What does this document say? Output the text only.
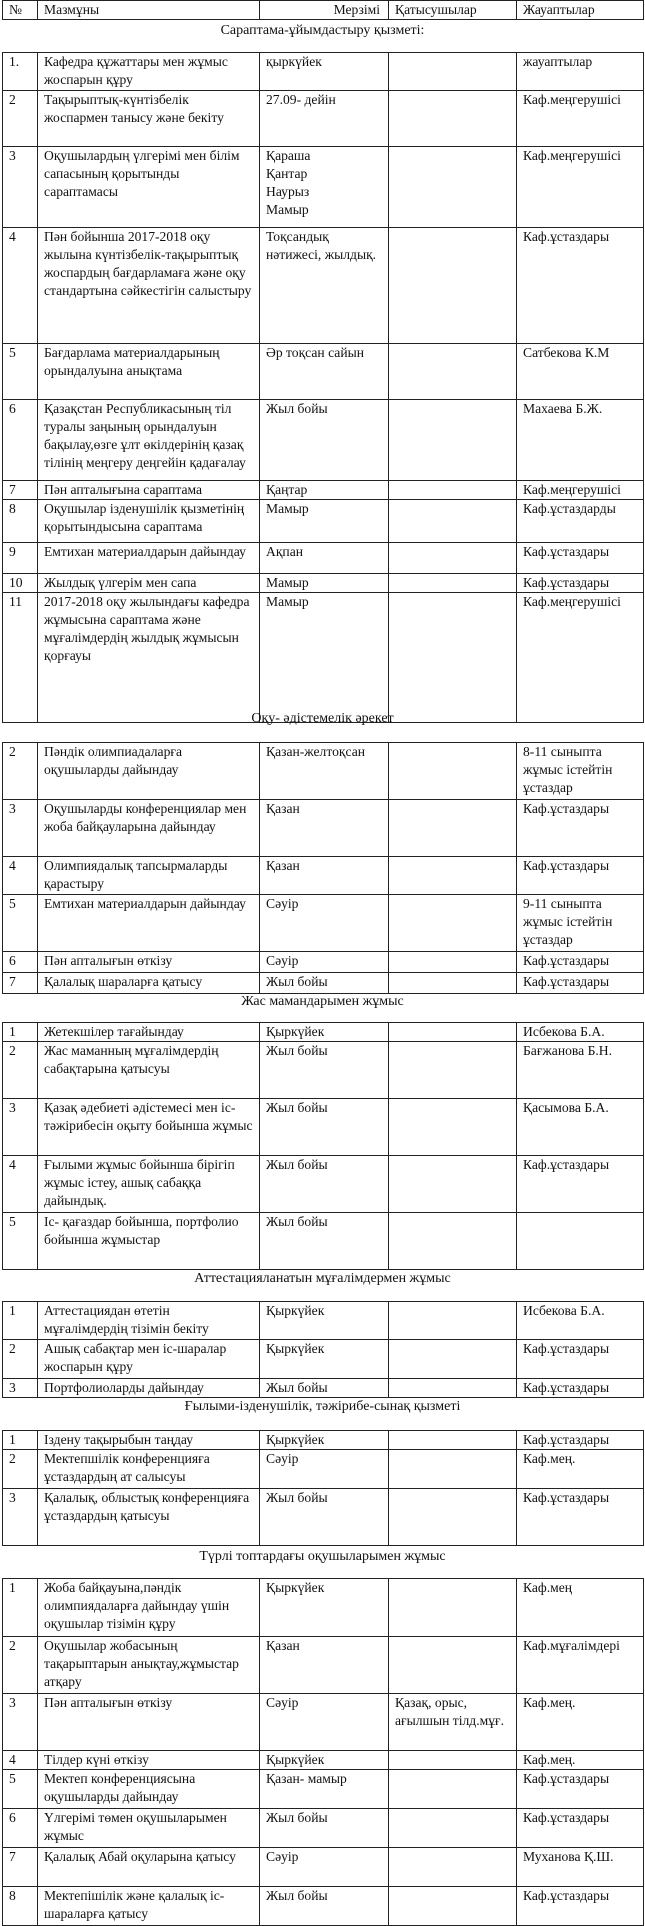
№	Мазмұны	Мерзімі	Қатысушылар	Жауаптылар
Сараптама-ұйымдастыру қызметі:
1.	Кафедра құжаттары мен жұмыс жоспарын құру	қыркүйек		жауаптылар
2	Тақырыптық-күнтізбелік жоспармен танысу және бекіту	27.09- дейін		Каф.меңгерушісі
3	Оқушылардың үлгерімі мен білім сапасының қорытынды сараптамасы	Қараша
Қантар
Наурыз
Мамыр		Каф.меңгерушісі
4	Пән бойынша 2017-2018 оқу жылына күнтізбелік-тақырыптық жоспардың бағдарламаға және оқу стандартына сәйкестігін салыстыру	Тоқсандық нәтижесі, жылдық.		Каф.ұстаздары
5	Бағдарлама материалдарының орындалуына анықтама	Әр тоқсан сайын		Сатбекова К.М
6	Қазақстан Республикасының тіл туралы заңының орындалуын бақылау,өзге ұлт өкілдерінің қазақ тілінің меңгеру деңгейін қадағалау	Жыл бойы		Махаева Б.Ж.
7	Пән апталығына сараптама	Қаңтар		Каф.меңгерушісі
8	Оқушылар ізденушілік қызметінің қорытындысына сараптама	Мамыр		Каф.ұстаздарды
9	Емтихан материалдарын дайындау	Ақпан		Каф.ұстаздары
10	Жылдық үлгерім мен сапа	Мамыр		Каф.ұстаздары
11	2017-2018 оқу жылындағы кафедра жұмысына сараптама және мұғалімдердің жылдық жұмысын қорғауы	Мамыр		Каф.меңгерушісі
Оқу- әдістемелік әрекет
2	Пәндік олимпиадаларға оқушыларды дайындау	Қазан-желтоқсан		8-11 сыныпта жұмыс істейтін ұстаздар
3	Оқушыларды конференциялар мен жоба байқауларына дайындау	Қазан		Каф.ұстаздары
4	Олимпиядалық тапсырмаларды қарастыру	Қазан		Каф.ұстаздары
5	Емтихан материалдарын дайындау	Сәуір		9-11 сыныпта жұмыс істейтін ұстаздар
6	Пән апталығын өткізу	Сәуір		Каф.ұстаздары
7	Қалалық шараларға қатысу	Жыл бойы		Каф.ұстаздары
Жас мамандарымен жұмыс
1	Жетекшілер тағайындау	Қыркүйек		Исбекова Б.А.
2	Жас маманның мұғалімдердің сабақтарына қатысуы	Жыл бойы		Бағжанова Б.Н.
3	Қазақ әдебиеті әдістемесі мен іс-тәжірибесін оқыту бойынша жұмыс	Жыл бойы		Қасымова Б.А.
4	Ғылыми жұмыс бойынша бірігіп жұмыс істеу, ашық сабаққа дайындық.	Жыл бойы		Каф.ұстаздары
5	Іс- қағаздар бойынша, портфолио бойынша жұмыстар	Жыл бойы		
Аттестацияланатын мұғалімдермен жұмыс
1	Аттестациядан өтетін мұғалімдердің тізімін бекіту	Қыркүйек		Исбекова Б.А.
2	Ашық сабақтар мен іс-шаралар жоспарын құру	Қыркүйек		Каф.ұстаздары
3	Портфолиоларды дайындау	Жыл бойы		Каф.ұстаздары
Ғылыми-ізденушілік, тәжірибе-сынақ қызметі
1	Іздену тақырыбын таңдау	Қыркүйек		Каф.ұстаздары
2	Мектепшілік конференцияға ұстаздардың ат салысуы	Сәуір		Каф.мең.
3	Қалалық, облыстық конференцияға ұстаздардың қатысуы	Жыл бойы		Каф.ұстаздары
Түрлі топтардағы оқушыларымен жұмыс
1	Жоба байқауына,пәндік олимпиядаларға дайындау үшін оқушылар тізімін құру	Қыркүйек		Каф.мең
2	Оқушылар жобасының тақарыптарын анықтау,жұмыстар атқару	Қазан		Каф.мұғалімдері
3	Пән апталығын өткізу	Сәуір	Қазақ, орыс, ағылшын тілд.мұғ.	Каф.мең.
4	Тілдер күні өткізу	Қыркүйек		Каф.мең.
5	Мектеп конференциясына оқушыларды дайындау	Қазан- мамыр		Каф.ұстаздары
6	Үлгерімі төмен оқушыларымен жұмыс	Жыл бойы		Каф.ұстаздары
7	Қалалық Абай оқуларына қатысу	Сәуір		Муханова Қ.Ш.
8	Мектепішілік және қалалық іс-шараларға қатысу	Жыл бойы		Каф.ұстаздары
